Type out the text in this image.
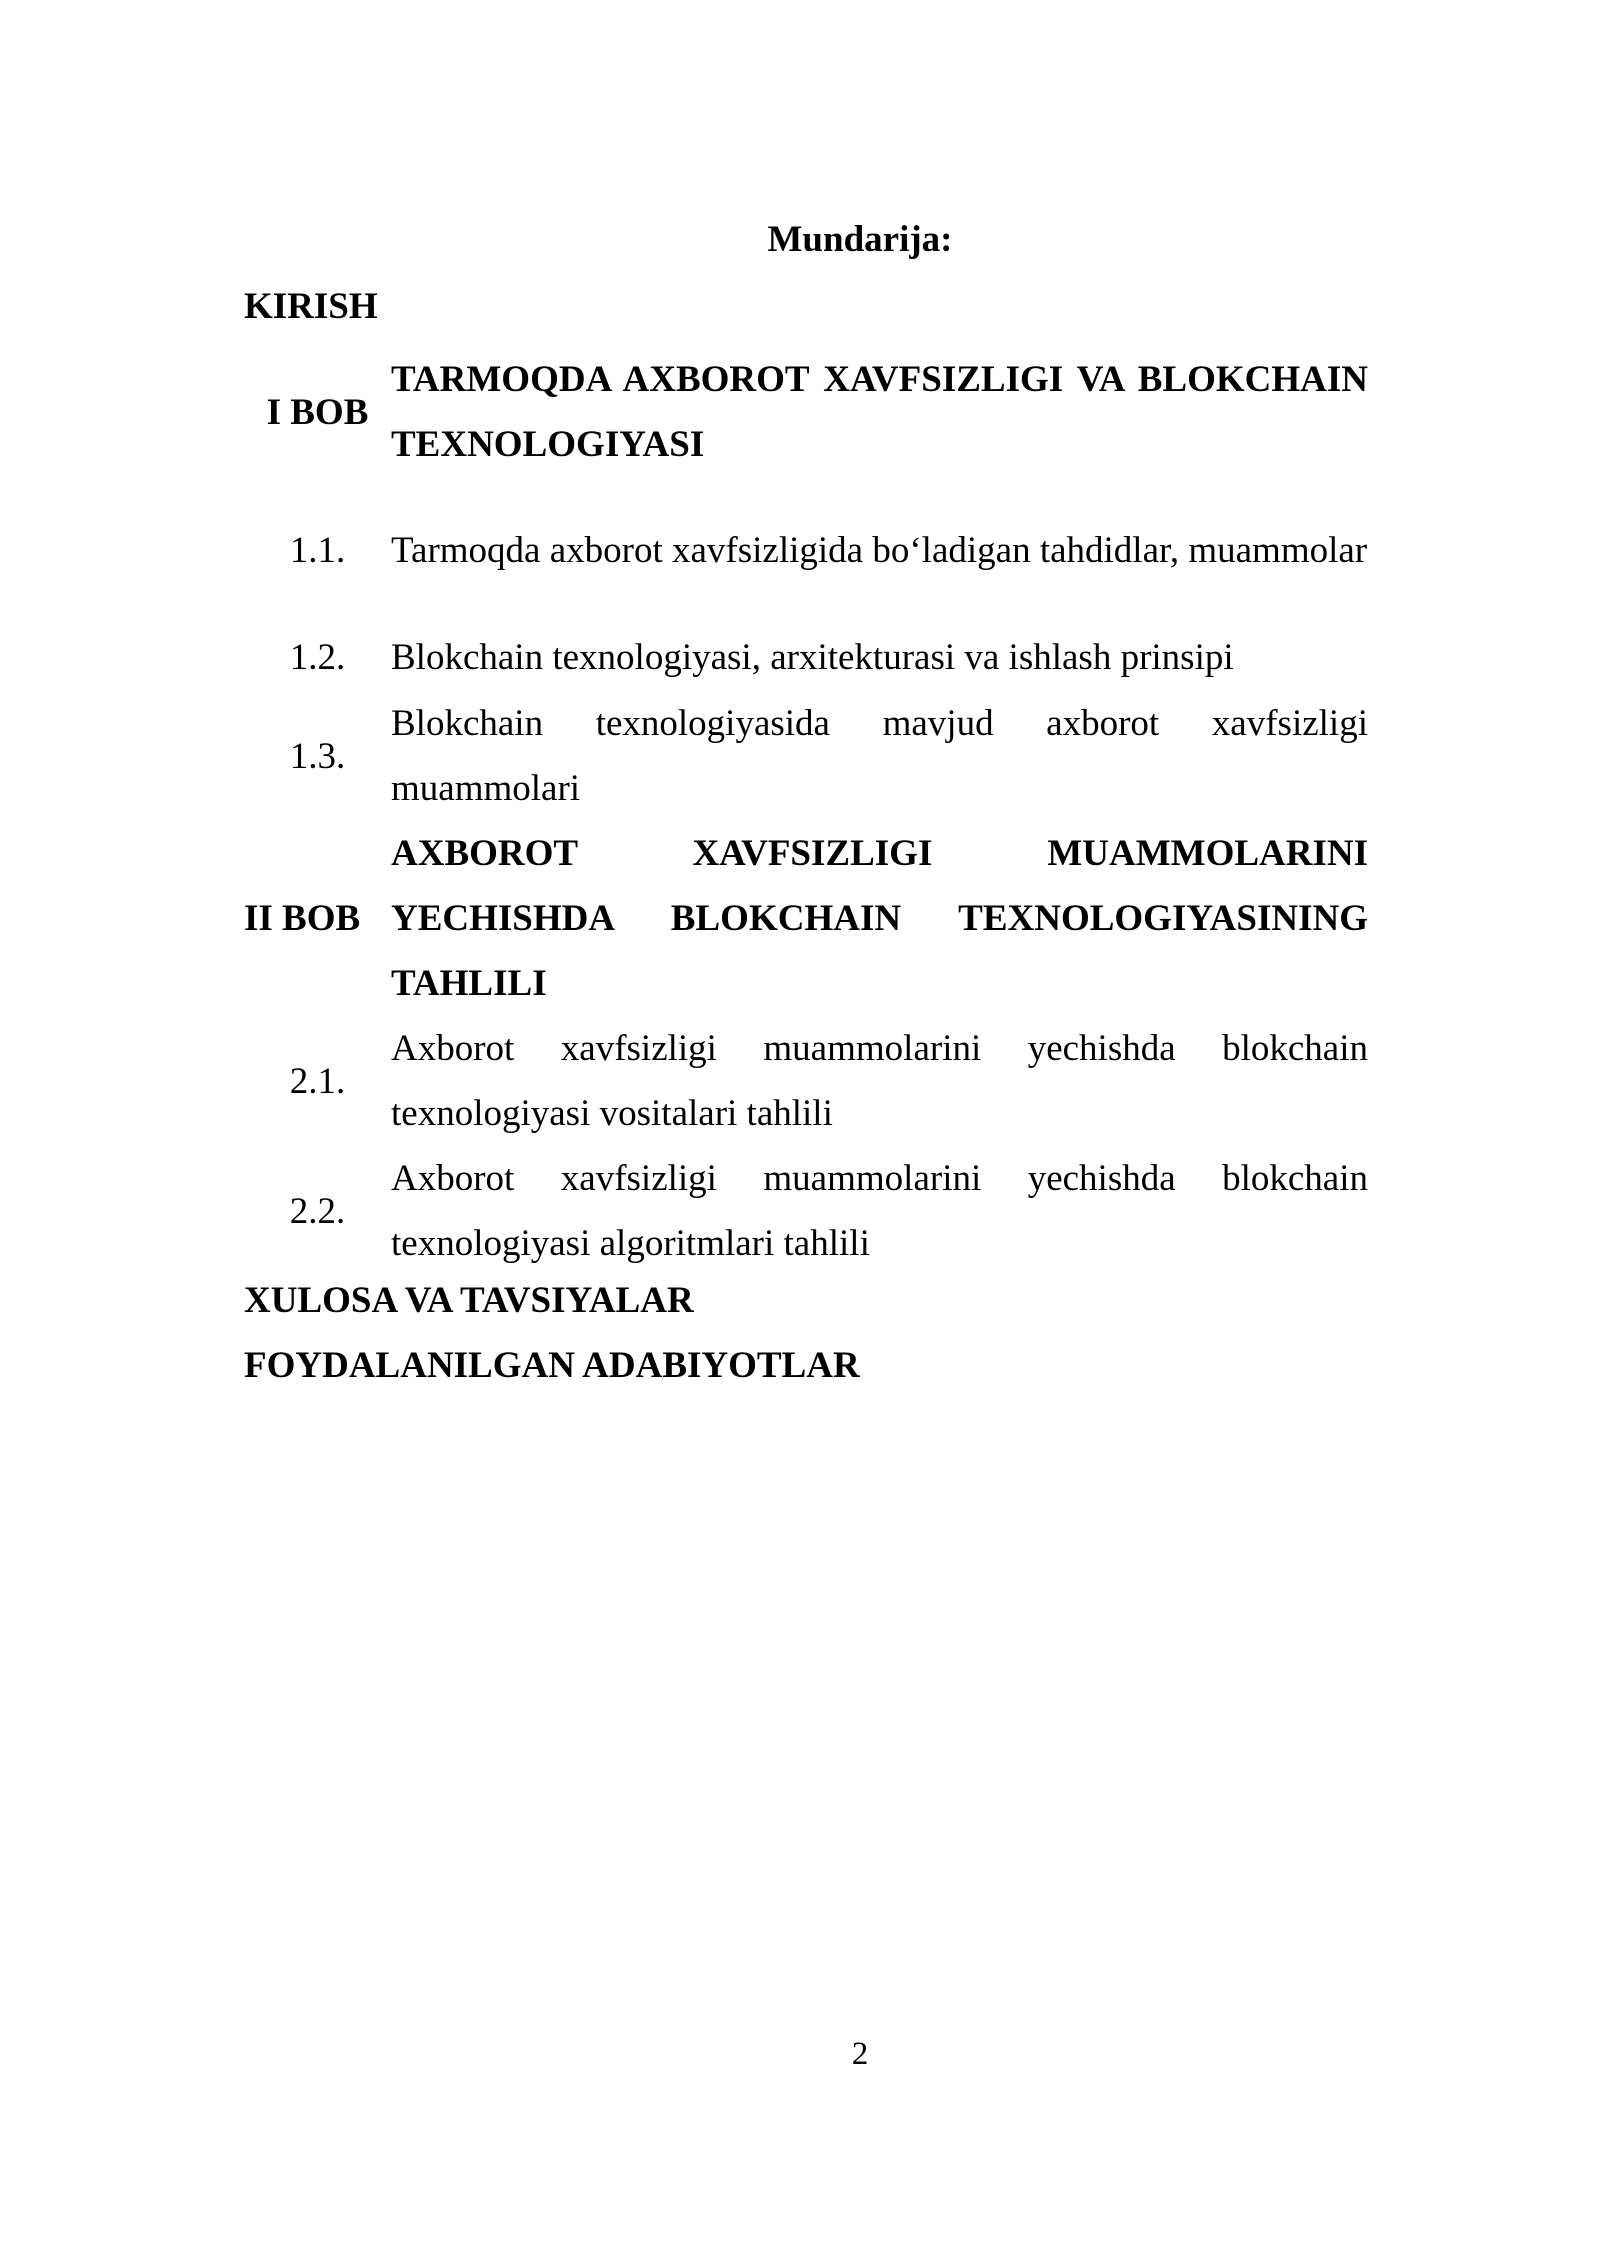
Mundarija:
KIRISH
I BOB
TARMOQDA AXBOROT XAVFSIZLIGI VA BLOKCHAIN TEXNOLOGIYASI
1.1.	Tarmoqda axborot xavfsizligida bo‘ladigan tahdidlar, muammolar
1.2.	Blokchain texnologiyasi, arxitekturasi va ishlash prinsipi
1.3.
Blokchain texnologiyasida mavjud axborot xavfsizligi muammolari
II BOB
AXBOROT XAVFSIZLIGI MUAMMOLARINI YECHISHDA BLOKCHAIN TEXNOLOGIYASINING TAHLILI
2.1.
Axborot xavfsizligi muammolarini yechishda blokchain texnologiyasi vositalari tahlili
2.2.
Axborot xavfsizligi muammolarini yechishda blokchain texnologiyasi algoritmlari tahlili
XULOSA VA TAVSIYALAR
FOYDALANILGAN ADABIYOTLAR
2
